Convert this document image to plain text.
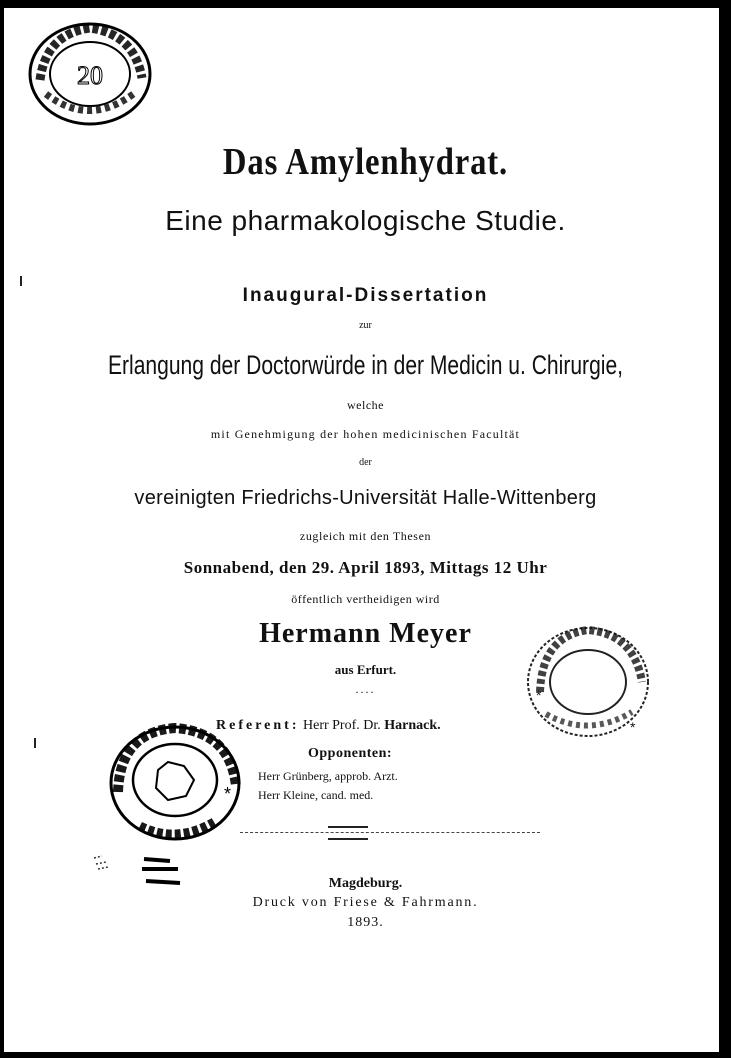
20
*
*
*
Das Amylenhydrat.
Eine pharmakologische Studie.
Inaugural-Dissertation
zur
Erlangung der Doctorwürde in der Medicin u. Chirurgie,
welche
mit Genehmigung der hohen medicinischen Facultät
der
vereinigten Friedrichs-Universität Halle-Wittenberg
zugleich mit den Thesen
Sonnabend, den 29. April 1893, Mittags 12 Uhr
öffentlich vertheidigen wird
Hermann Meyer
aus Erfurt.
....
Referent: Herr Prof. Dr. Harnack.
Opponenten:
Herr Grünberg, approb. Arzt.
Herr Kleine, cand. med.
Magdeburg.
Druck von Friese & Fahrmann.
1893.
